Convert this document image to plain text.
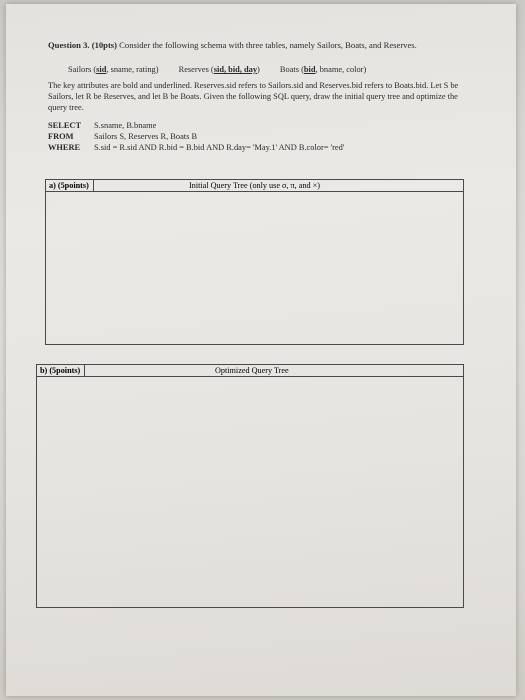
Question 3. (10pts) Consider the following schema with three tables, namely Sailors, Boats, and Reserves.

Sailors (sid, sname, rating) Reserves (sid, bid, day) Boats (bid, bname, color)

The key attributes are bold and underlined. Reserves.sid refers to Sailors.sid and Reserves.bid refers to Boats.bid. Let S be Sailors, let R be Reserves, and let B be Boats. Given the following SQL query, draw the initial query tree and optimize the query tree.

SELECT S.sname, B.bname
FROM Sailors S, Reserves R, Boats B
WHERE S.sid = R.sid AND R.bid = B.bid AND R.day= 'May.1' AND B.color= 'red'
a) (5points)	Initial Query Tree (only use σ, π, and ×)
b) (5points)	Optimized Query Tree
